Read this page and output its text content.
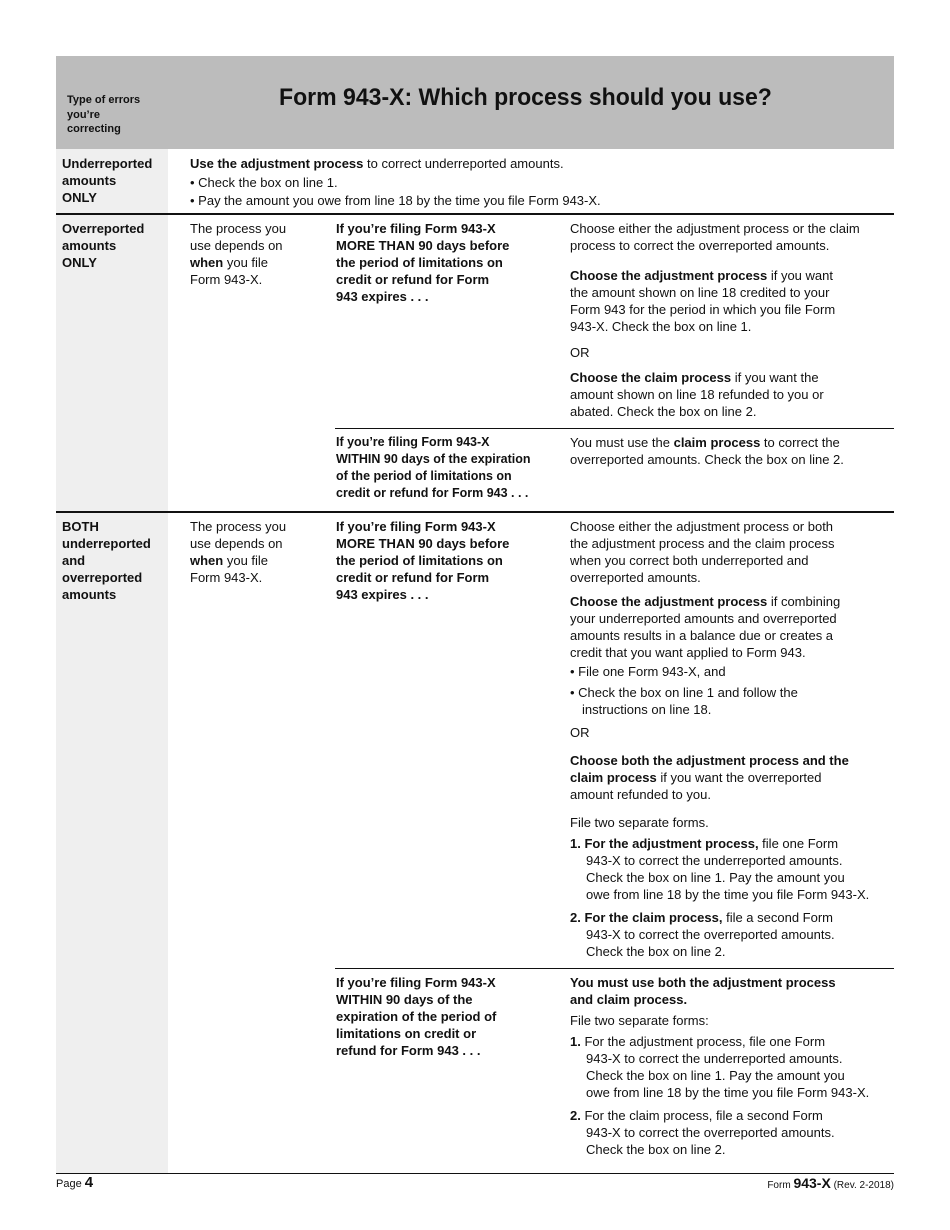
Type of errors
you’re
correcting
Form 943-X: Which process should you use?
Underreported
amounts
ONLY
Use the adjustment process to correct underreported amounts.
• Check the box on line 1.
• Pay the amount you owe from line 18 by the time you file Form 943-X.
Overreported
amounts
ONLY
The process you
use depends on
when you file
Form 943-X.
If you’re filing Form 943-X
MORE THAN 90 days before
the period of limitations on
credit or refund for Form
943 expires . . .
Choose either the adjustment process or the claim
process to correct the overreported amounts.
Choose the adjustment process if you want
the amount shown on line 18 credited to your
Form 943 for the period in which you file Form
943-X. Check the box on line 1.
OR
Choose the claim process if you want the
amount shown on line 18 refunded to you or
abated. Check the box on line 2.
If you’re filing Form 943-X
WITHIN 90 days of the expiration
of the period of limitations on
credit or refund for Form 943 . . .
You must use the claim process to correct the
overreported amounts. Check the box on line 2.
BOTH
underreported
and
overreported
amounts
The process you
use depends on
when you file
Form 943-X.
If you’re filing Form 943-X
MORE THAN 90 days before
the period of limitations on
credit or refund for Form
943 expires . . .
Choose either the adjustment process or both
the adjustment process and the claim process
when you correct both underreported and
overreported amounts.
Choose the adjustment process if combining
your underreported amounts and overreported
amounts results in a balance due or creates a
credit that you want applied to Form 943.
• File one Form 943-X, and
• Check the box on line 1 and follow the
instructions on line 18.
OR
Choose both the adjustment process and the
claim process if you want the overreported
amount refunded to you.
File two separate forms.
1. For the adjustment process, file one Form
943-X to correct the underreported amounts.
Check the box on line 1. Pay the amount you
owe from line 18 by the time you file Form 943-X.
2. For the claim process, file a second Form
943-X to correct the overreported amounts.
Check the box on line 2.
If you’re filing Form 943-X
WITHIN 90 days of the
expiration of the period of
limitations on credit or
refund for Form 943 . . .
You must use both the adjustment process
and claim process.
File two separate forms:
1. For the adjustment process, file one Form
943-X to correct the underreported amounts.
Check the box on line 1. Pay the amount you
owe from line 18 by the time you file Form 943-X.
2. For the claim process, file a second Form
943-X to correct the overreported amounts.
Check the box on line 2.
Page 4	Form 943-X (Rev. 2-2018)
